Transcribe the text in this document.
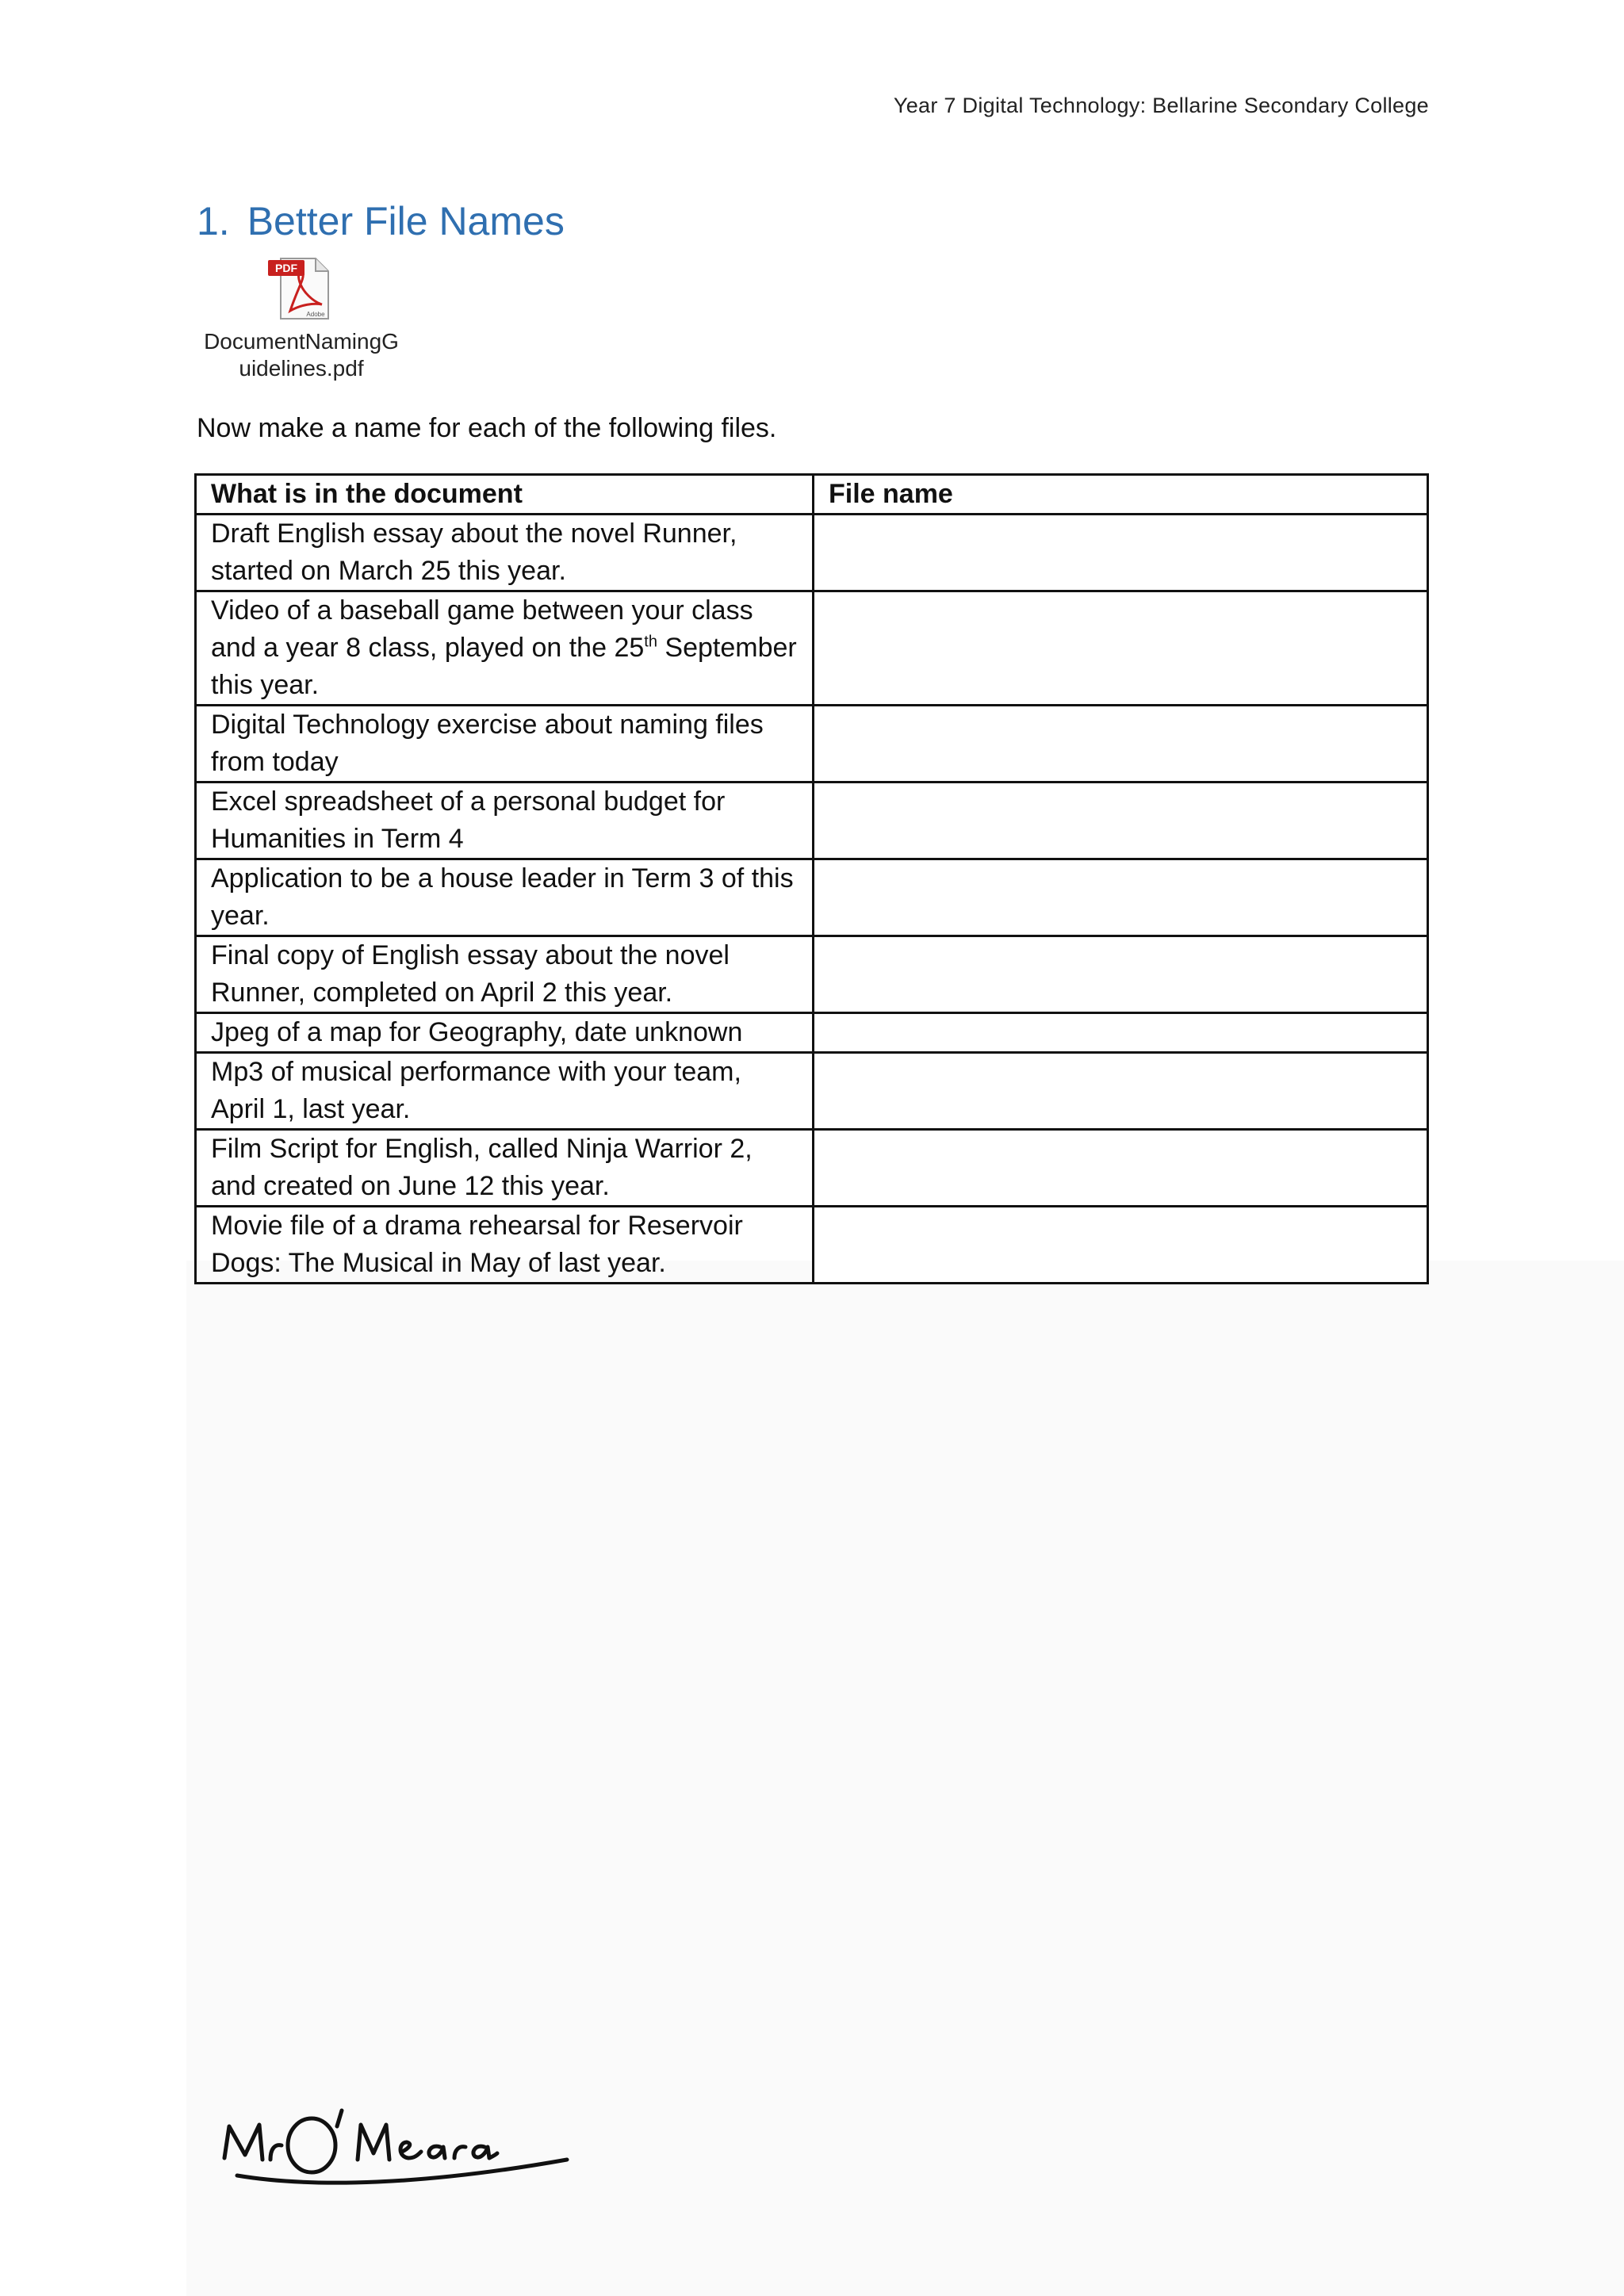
Year 7 Digital Technology: Bellarine Secondary College
1. Better File Names
PDF
Adobe
DocumentNamingG
uidelines.pdf
Now make a name for each of the following files.
What is in the document	File name
Draft English essay about the novel Runner, started on March 25 this year.	
Video of a baseball game between your class and a year 8 class, played on the 25th September this year.	
Digital Technology exercise about naming files from today	
Excel spreadsheet of a personal budget for Humanities in Term 4	
Application to be a house leader in Term 3 of this year.	
Final copy of English essay about the novel Runner, completed on April 2 this year.	
Jpeg of a map for Geography, date unknown	
Mp3 of musical performance with your team, April 1, last year.	
Film Script for English, called Ninja Warrior 2, and created on June 12 this year.	
Movie file of a drama rehearsal for Reservoir Dogs: The Musical in May of last year.	
